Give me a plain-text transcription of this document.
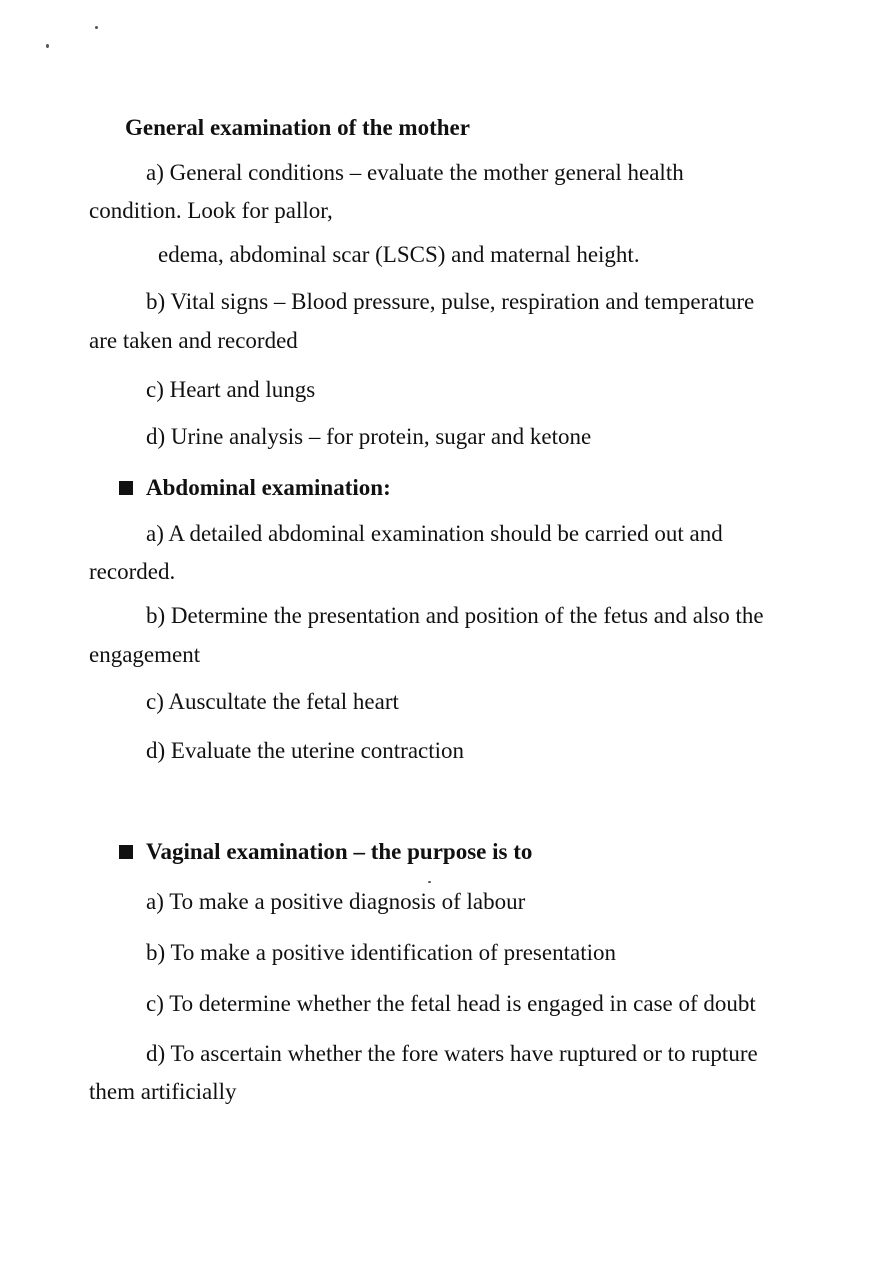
General examination of the mother
a) General conditions – evaluate the mother general health
condition. Look for pallor,
edema, abdominal scar (LSCS) and maternal height.
b) Vital signs – Blood pressure, pulse, respiration and temperature
are taken and recorded
c) Heart and lungs
d) Urine analysis – for protein, sugar and ketone
Abdominal examination:
a) A detailed abdominal examination should be carried out and
recorded.
b) Determine the presentation and position of the fetus and also the
engagement
c) Auscultate the fetal heart
d) Evaluate the uterine contraction
Vaginal examination – the purpose is to
a) To make a positive diagnosis of labour
b) To make a positive identification of presentation
c) To determine whether the fetal head is engaged in case of doubt
d) To ascertain whether the fore waters have ruptured or to rupture
them artificially
